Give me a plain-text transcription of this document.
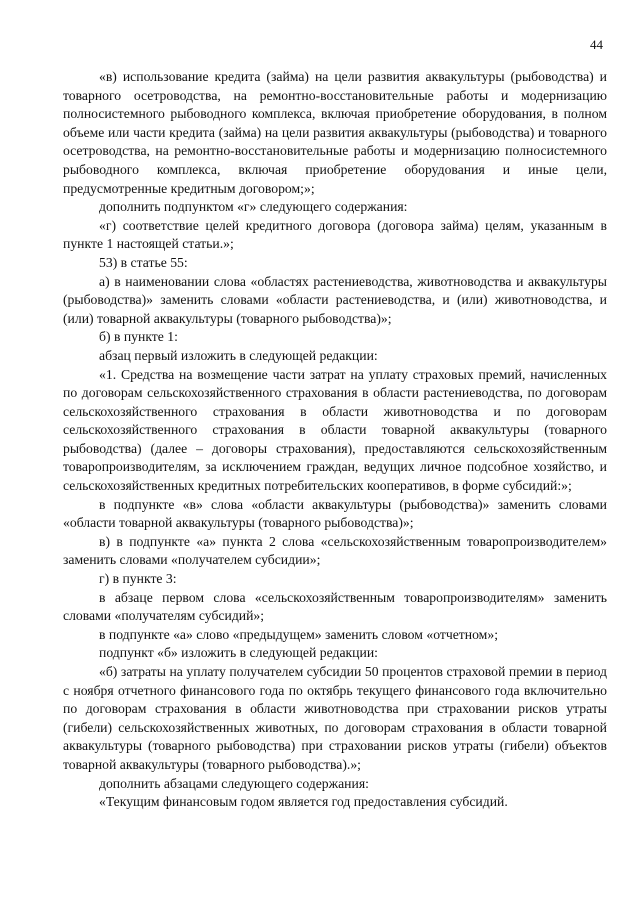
44

«в) использование кредита (займа) на цели развития аквакультуры (рыбоводства) и товарного осетроводства, на ремонтно-восстановительные работы и модернизацию полносистемного рыбоводного комплекса, включая приобретение оборудования, в полном объеме или части кредита (займа) на цели развития аквакультуры (рыбоводства) и товарного осетроводства, на ремонтно-восстановительные работы и модернизацию полносистемного рыбоводного комплекса, включая приобретение оборудования и иные цели, предусмотренные кредитным договором;»;

дополнить подпунктом «г» следующего содержания:

«г) соответствие целей кредитного договора (договора займа) целям, указанным в пункте 1 настоящей статьи.»;

53) в статье 55:

а) в наименовании слова «областях растениеводства, животноводства и аквакультуры (рыбоводства)» заменить словами «области растениеводства, и (или) животноводства, и (или) товарной аквакультуры (товарного рыбоводства)»;

б) в пункте 1:

абзац первый изложить в следующей редакции:

«1. Средства на возмещение части затрат на уплату страховых премий, начисленных по договорам сельскохозяйственного страхования в области растениеводства, по договорам сельскохозяйственного страхования в области животноводства и по договорам сельскохозяйственного страхования в области товарной аквакультуры (товарного рыбоводства) (далее – договоры страхования), предоставляются сельскохозяйственным товаропроизводителям, за исключением граждан, ведущих личное подсобное хозяйство, и сельскохозяйственных кредитных потребительских кооперативов, в форме субсидий:»;

в подпункте «в» слова «области аквакультуры (рыбоводства)» заменить словами «области товарной аквакультуры (товарного рыбоводства)»;

в) в подпункте «а» пункта 2 слова «сельскохозяйственным товаропроизводителем» заменить словами «получателем субсидии»;

г) в пункте 3:

в абзаце первом слова «сельскохозяйственным товаропроизводителям» заменить словами «получателям субсидий»;

в подпункте «а» слово «предыдущем» заменить словом «отчетном»;

подпункт «б» изложить в следующей редакции:

«б) затраты на уплату получателем субсидии 50 процентов страховой премии в период с ноября отчетного финансового года по октябрь текущего финансового года включительно по договорам страхования в области животноводства при страховании рисков утраты (гибели) сельскохозяйственных животных, по договорам страхования в области товарной аквакультуры (товарного рыбоводства) при страховании рисков утраты (гибели) объектов товарной аквакультуры (товарного рыбоводства).»;

дополнить абзацами следующего содержания:

«Текущим финансовым годом является год предоставления субсидий.
